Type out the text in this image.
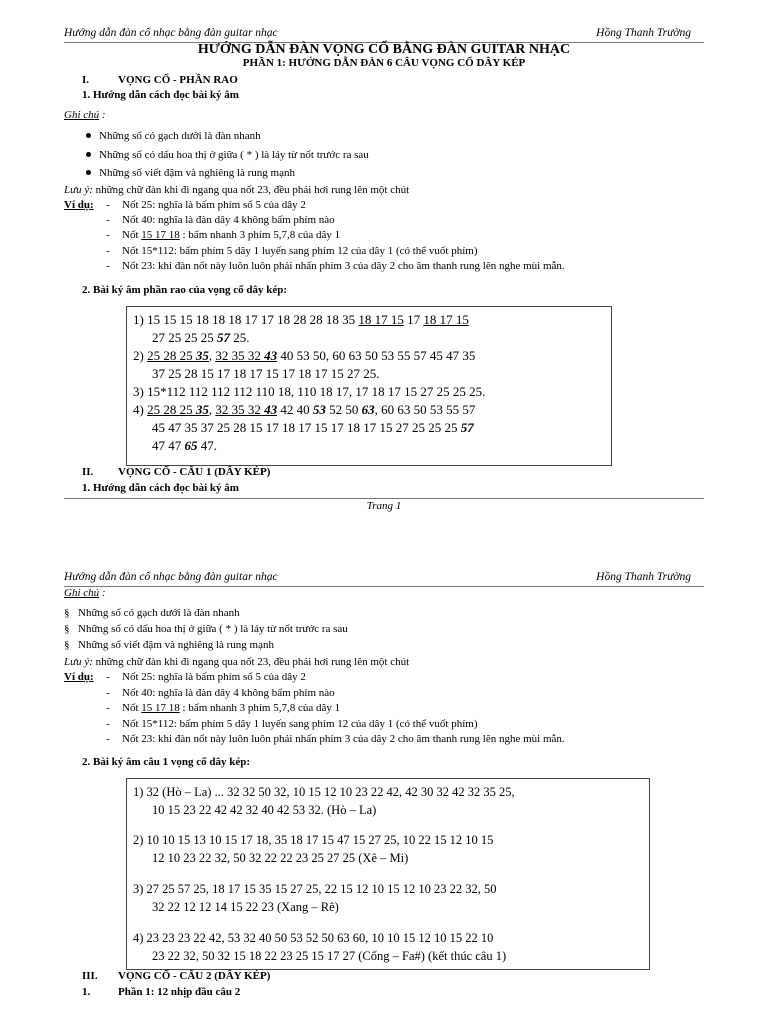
Hướng dẫn đàn cổ nhạc bằng đàn guitar nhạc	Hồng Thanh Trường
HƯỚNG DẪN ĐÀN VỌNG CỔ BẰNG ĐÀN GUITAR NHẠC
PHẦN 1: HƯỚNG DẪN ĐÀN 6 CÂU VỌNG CỔ DÂY KÉP
I.	VỌNG CỔ - PHẦN RAO
1. Hướng dẫn cách đọc bài ký âm
Ghi chú :
Những số có gạch dưới là đàn nhanh
Những số có dấu hoa thị ở giữa ( * ) là láy từ nốt trước ra sau
Những số viết đậm và nghiêng là rung mạnh
Lưu ý: những chữ đàn khi đi ngang qua nốt 23, đều phải hơi rung lên một chút
Ví dụ: - Nốt 25: nghĩa là bấm phím số 5 của dây 2
- Nốt 40: nghĩa là đàn dây 4 không bấm phím nào
- Nốt 15 17 18 : bấm nhanh 3 phím 5,7,8 của dây 1
- Nốt 15*112: bấm phím 5 dây 1 luyến sang phím 12 của dây 1 (có thể vuốt phím)
- Nốt 23: khi đàn nốt này luôn luôn phải nhấn phím 3 của dây 2 cho âm thanh rung lên nghe mùi mẫn.
2. Bài ký âm phần rao của vọng cổ dây kép:
1) 15 15 15 18 18 18 17 17 18 28 28 18 35 18 17 15 17 18 17 15
27 25 25 25 57 25.
2) 25 28 25 35, 32 35 32 43 40 53 50, 60 63 50 53 55 57 45 47 35
37 25 28 15 17 18 17 15 17 18 17 15 27 25.
3) 15*112 112 112 112 110 18, 110 18 17, 17 18 17 15 27 25 25 25.
4) 25 28 25 35, 32 35 32 43 42 40 53 52 50 63, 60 63 50 53 55 57
45 47 35 37 25 28 15 17 18 17 15 17 18 17 15 27 25 25 25 57
47 47 65 47.
II. VỌNG CỔ - CÂU 1 (DÂY KÉP)
1. Hướng dẫn cách đọc bài ký âm
Trang 1
Hướng dẫn đàn cổ nhạc bằng đàn guitar nhạc	Hồng Thanh Trường
Ghi chú :
§ Những số có gạch dưới là đàn nhanh
§ Những số có dấu hoa thị ở giữa ( * ) là láy từ nốt trước ra sau
§ Những số viết đậm và nghiêng là rung mạnh
Lưu ý: những chữ đàn khi đi ngang qua nốt 23, đều phải hơi rung lên một chút
Ví dụ: - Nốt 25: nghĩa là bấm phím số 5 của dây 2
- Nốt 40: nghĩa là đàn dây 4 không bấm phím nào
- Nốt 15 17 18 : bấm nhanh 3 phím 5,7,8 của dây 1
- Nốt 15*112: bấm phím 5 dây 1 luyến sang phím 12 của dây 1 (có thể vuốt phím)
- Nốt 23: khi đàn nốt này luôn luôn phải nhấn phím 3 của dây 2 cho âm thanh rung lên nghe mùi mẫn.
2. Bài ký âm câu 1 vọng cổ dây kép:
1) 32 (Hò – La) ... 32 32 50 32, 10 15 12 10 23 22 42, 42 30 32 42 32 35 25,
10 15 23 22 42 42 32 40 42 53 32. (Hò – La)
2) 10 10 15 13 10 15 17 18, 35 18 17 15 47 15 27 25, 10 22 15 12 10 15
12 10 23 22 32, 50 32 22 22 23 25 27 25 (Xê – Mi)
3) 27 25 57 25, 18 17 15 35 15 27 25, 22 15 12 10 15 12 10 23 22 32, 50
32 22 12 12 14 15 22 23 (Xang – Rê)
4) 23 23 23 22 42, 53 32 40 50 53 52 50 63 60, 10 10 15 12 10 15 22 10
23 22 32, 50 32 15 18 22 23 25 15 17 27 (Cống – Fa#) (kết thúc câu 1)
III. VỌNG CỔ - CÂU 2 (DÂY KÉP)
1.	Phần 1: 12 nhịp đầu câu 2
